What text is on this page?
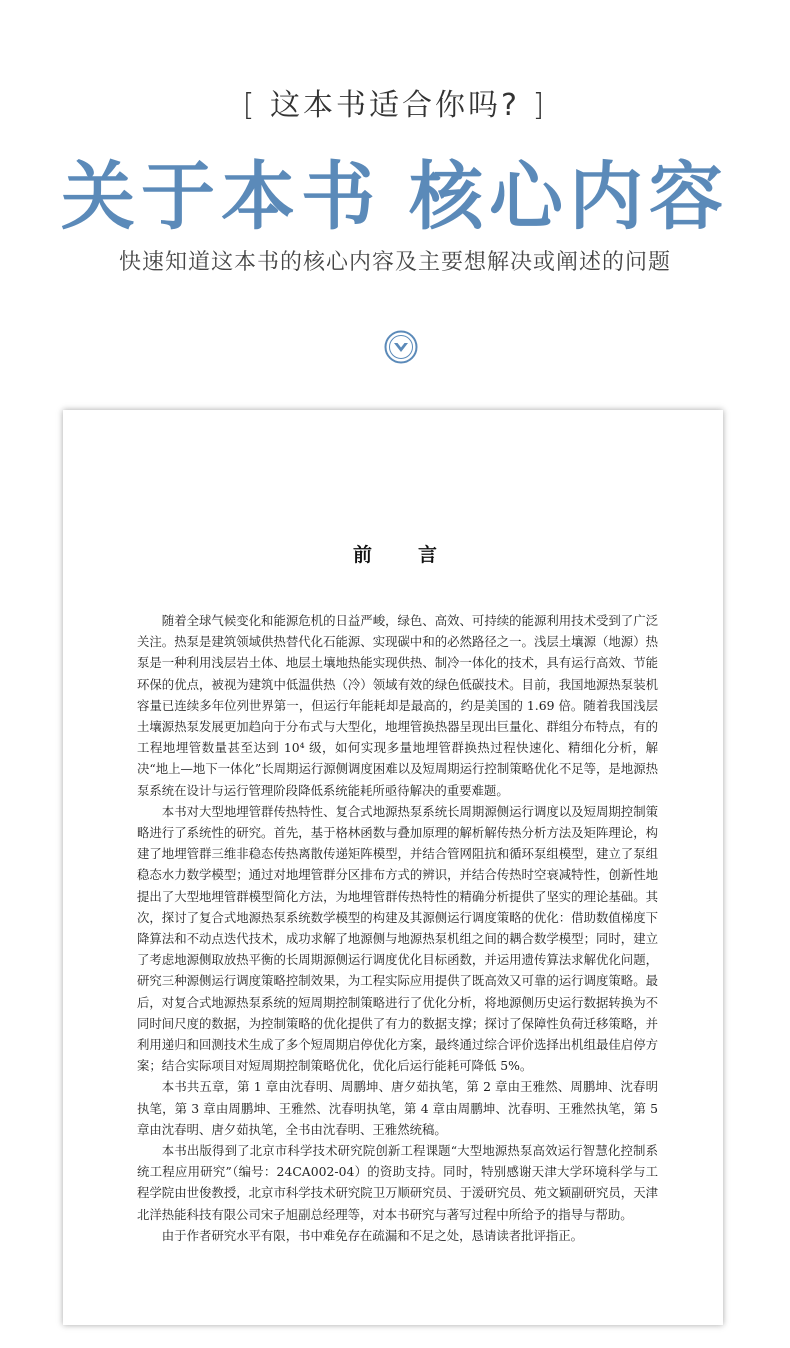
[ 这本书适合你吗? ]
关于本书 核心内容
快速知道这本书的核心内容及主要想解决或阐述的问题
前言

随着全球气候变化和能源危机的日益严峻，绿色、高效、可持续的能源利用技术受到了广泛关注。热泵是建筑领域供热替代化石能源、实现碳中和的必然路径之一。浅层土壤源（地源）热泵是一种利用浅层岩土体、地层土壤地热能实现供热、制冷一体化的技术，具有运行高效、节能环保的优点，被视为建筑中低温供热（冷）领域有效的绿色低碳技术。目前，我国地源热泵装机容量已连续多年位列世界第一，但运行年能耗却是最高的，约是美国的 1.69 倍。随着我国浅层土壤源热泵发展更加趋向于分布式与大型化，地埋管换热器呈现出巨量化、群组分布特点，有的工程地埋管数量甚至达到 10⁴ 级，如何实现多量地埋管群换热过程快速化、精细化分析，解决“地上—地下一体化”长周期运行源侧调度困难以及短周期运行控制策略优化不足等，是地源热泵系统在设计与运行管理阶段降低系统能耗所亟待解决的重要难题。

本书对大型地埋管群传热特性、复合式地源热泵系统长周期源侧运行调度以及短周期控制策略进行了系统性的研究。首先，基于格林函数与叠加原理的解析解传热分析方法及矩阵理论，构建了地埋管群三维非稳态传热离散传递矩阵模型，并结合管网阻抗和循环泵组模型，建立了泵组稳态水力数学模型；通过对地埋管群分区排布方式的辨识，并结合传热时空衰减特性，创新性地提出了大型地埋管群模型简化方法，为地埋管群传热特性的精确分析提供了坚实的理论基础。其次，探讨了复合式地源热泵系统数学模型的构建及其源侧运行调度策略的优化：借助数值梯度下降算法和不动点迭代技术，成功求解了地源侧与地源热泵机组之间的耦合数学模型；同时，建立了考虑地源侧取放热平衡的长周期源侧运行调度优化目标函数，并运用遗传算法求解优化问题，研究三种源侧运行调度策略控制效果，为工程实际应用提供了既高效又可靠的运行调度策略。最后，对复合式地源热泵系统的短周期控制策略进行了优化分析，将地源侧历史运行数据转换为不同时间尺度的数据，为控制策略的优化提供了有力的数据支撑；探讨了保障性负荷迁移策略，并利用递归和回测技术生成了多个短周期启停优化方案，最终通过综合评价选择出机组最佳启停方案；结合实际项目对短周期控制策略优化，优化后运行能耗可降低 5%。

本书共五章，第 1 章由沈春明、周鹏坤、唐夕茹执笔，第 2 章由王雅然、周鹏坤、沈春明执笔，第 3 章由周鹏坤、王雅然、沈春明执笔，第 4 章由周鹏坤、沈春明、王雅然执笔，第 5 章由沈春明、唐夕茹执笔，全书由沈春明、王雅然统稿。

本书出版得到了北京市科学技术研究院创新工程课题“大型地源热泵高效运行智慧化控制系统工程应用研究”（编号：24CA002-04）的资助支持。同时，特别感谢天津大学环境科学与工程学院由世俊教授，北京市科学技术研究院卫万顺研究员、于湲研究员、苑文颖副研究员，天津北洋热能科技有限公司宋子旭副总经理等，对本书研究与著写过程中所给予的指导与帮助。

由于作者研究水平有限，书中难免存在疏漏和不足之处，恳请读者批评指正。
